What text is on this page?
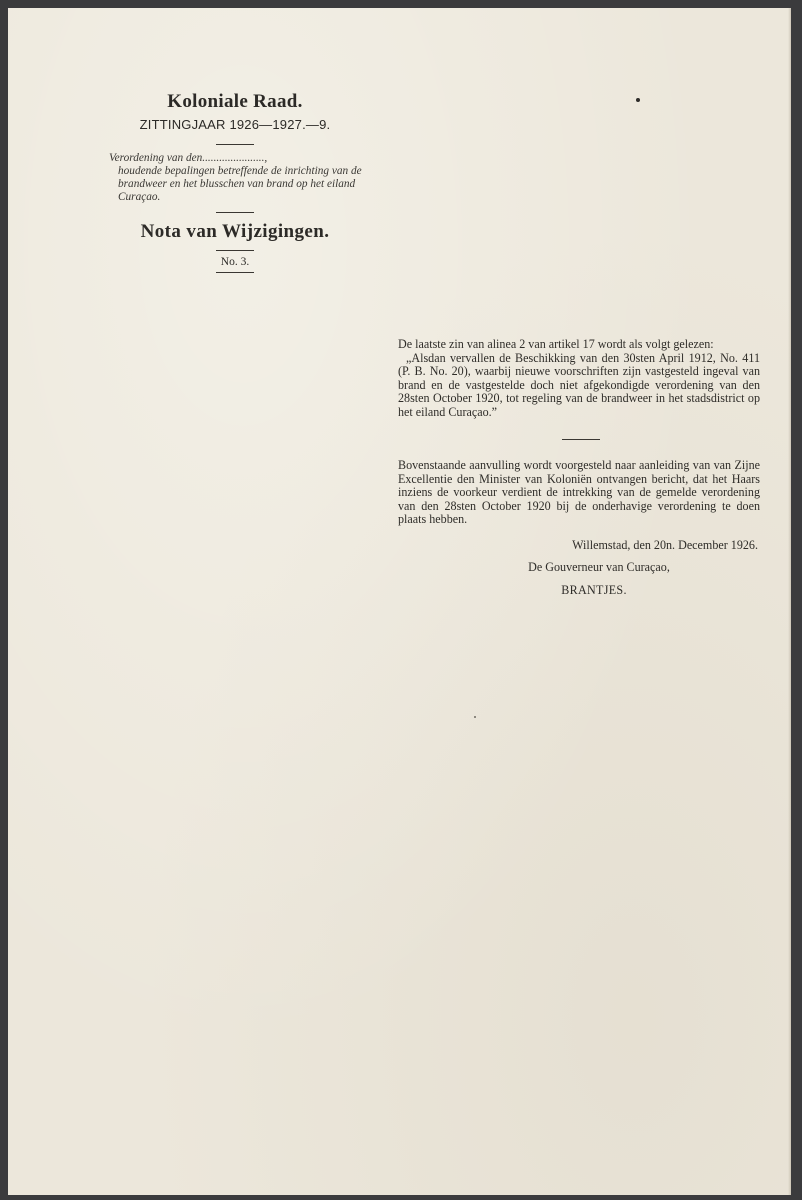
Koloniale Raad.
ZITTINGJAAR 1926—1927.—9.
Verordening van den......................,
houdende bepalingen betreffende de inrichting van de brandweer en het blusschen van brand op het eiland Curaçao.
Nota van Wijzigingen.
No. 3.

De laatste zin van alinea 2 van artikel 17 wordt als volgt gelezen:

„Alsdan vervallen de Beschikking van den 30sten April 1912, No. 411 (P. B. No. 20), waarbij nieuwe voorschriften zijn vastgesteld ingeval van brand en de vastgestelde doch niet afgekondigde verordening van den 28sten October 1920, tot regeling van de brandweer in het stadsdistrict op het eiland Curaçao.”

Bovenstaande aanvulling wordt voorgesteld naar aanleiding van van Zijne Excellentie den Minister van Koloniën ontvangen bericht, dat het Haars inziens de voorkeur verdient de intrekking van de gemelde verordening van den 28sten October 1920 bij de onderhavige verordening te doen plaats hebben.

Willemstad, den 20n. December 1926.
De Gouverneur van Curaçao,
BRANTJES.
